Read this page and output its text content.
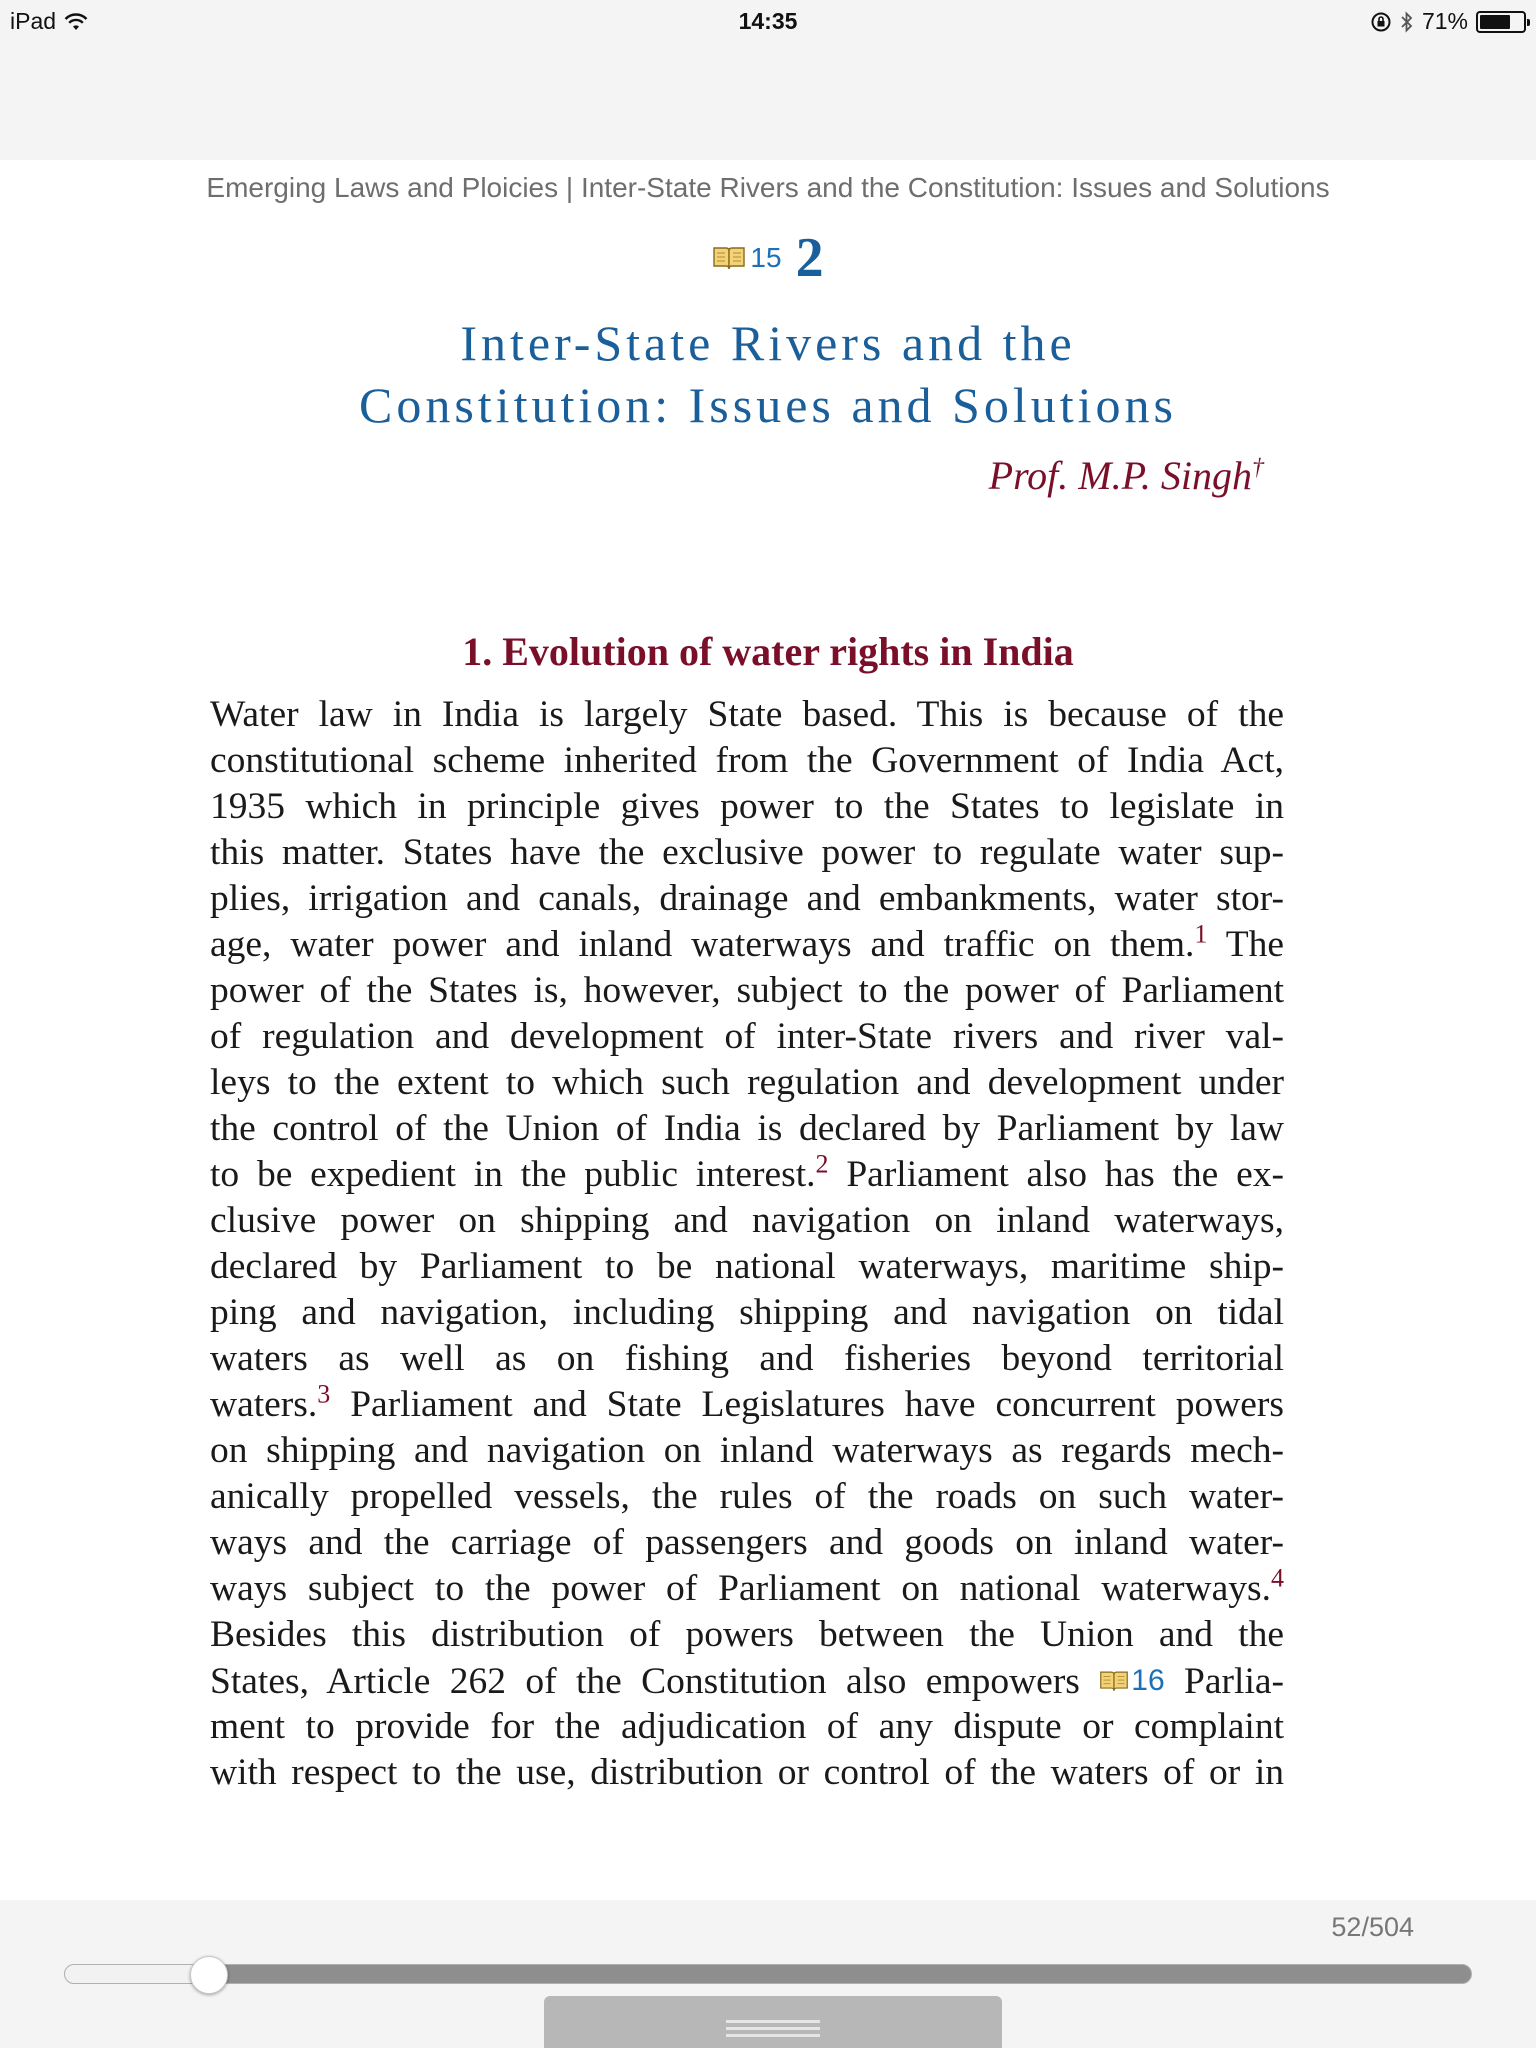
iPad	14:35	71%
Emerging Laws and Ploicies | Inter-State Rivers and the Constitution: Issues and Solutions
15 2
Inter-State Rivers and the
Constitution: Issues and Solutions
Prof. M.P. Singh†
1. Evolution of water rights in India
Water law in India is largely State based. This is because of the
constitutional scheme inherited from the Government of India Act,
1935 which in principle gives power to the States to legislate in
this matter. States have the exclusive power to regulate water sup-
plies, irrigation and canals, drainage and embankments, water stor-
age, water power and inland waterways and traffic on them.$^1$ The
power of the States is, however, subject to the power of Parliament
of regulation and development of inter-State rivers and river val-
leys to the extent to which such regulation and development under
the control of the Union of India is declared by Parliament by law
to be expedient in the public interest.$^2$ Parliament also has the ex-
clusive power on shipping and navigation on inland waterways,
declared by Parliament to be national waterways, maritime ship-
ping and navigation, including shipping and navigation on tidal
waters as well as on fishing and fisheries beyond territorial
waters.$^3$ Parliament and State Legislatures have concurrent powers
on shipping and navigation on inland waterways as regards mech-
anically propelled vessels, the rules of the roads on such water-
ways and the carriage of passengers and goods on inland water-
ways subject to the power of Parliament on national waterways.$^4$
Besides this distribution of powers between the Union and the
States, Article 262 of the Constitution also empowers 16 Parlia-
ment to provide for the adjudication of any dispute or complaint
with respect to the use, distribution or control of the waters of or in
52/504
